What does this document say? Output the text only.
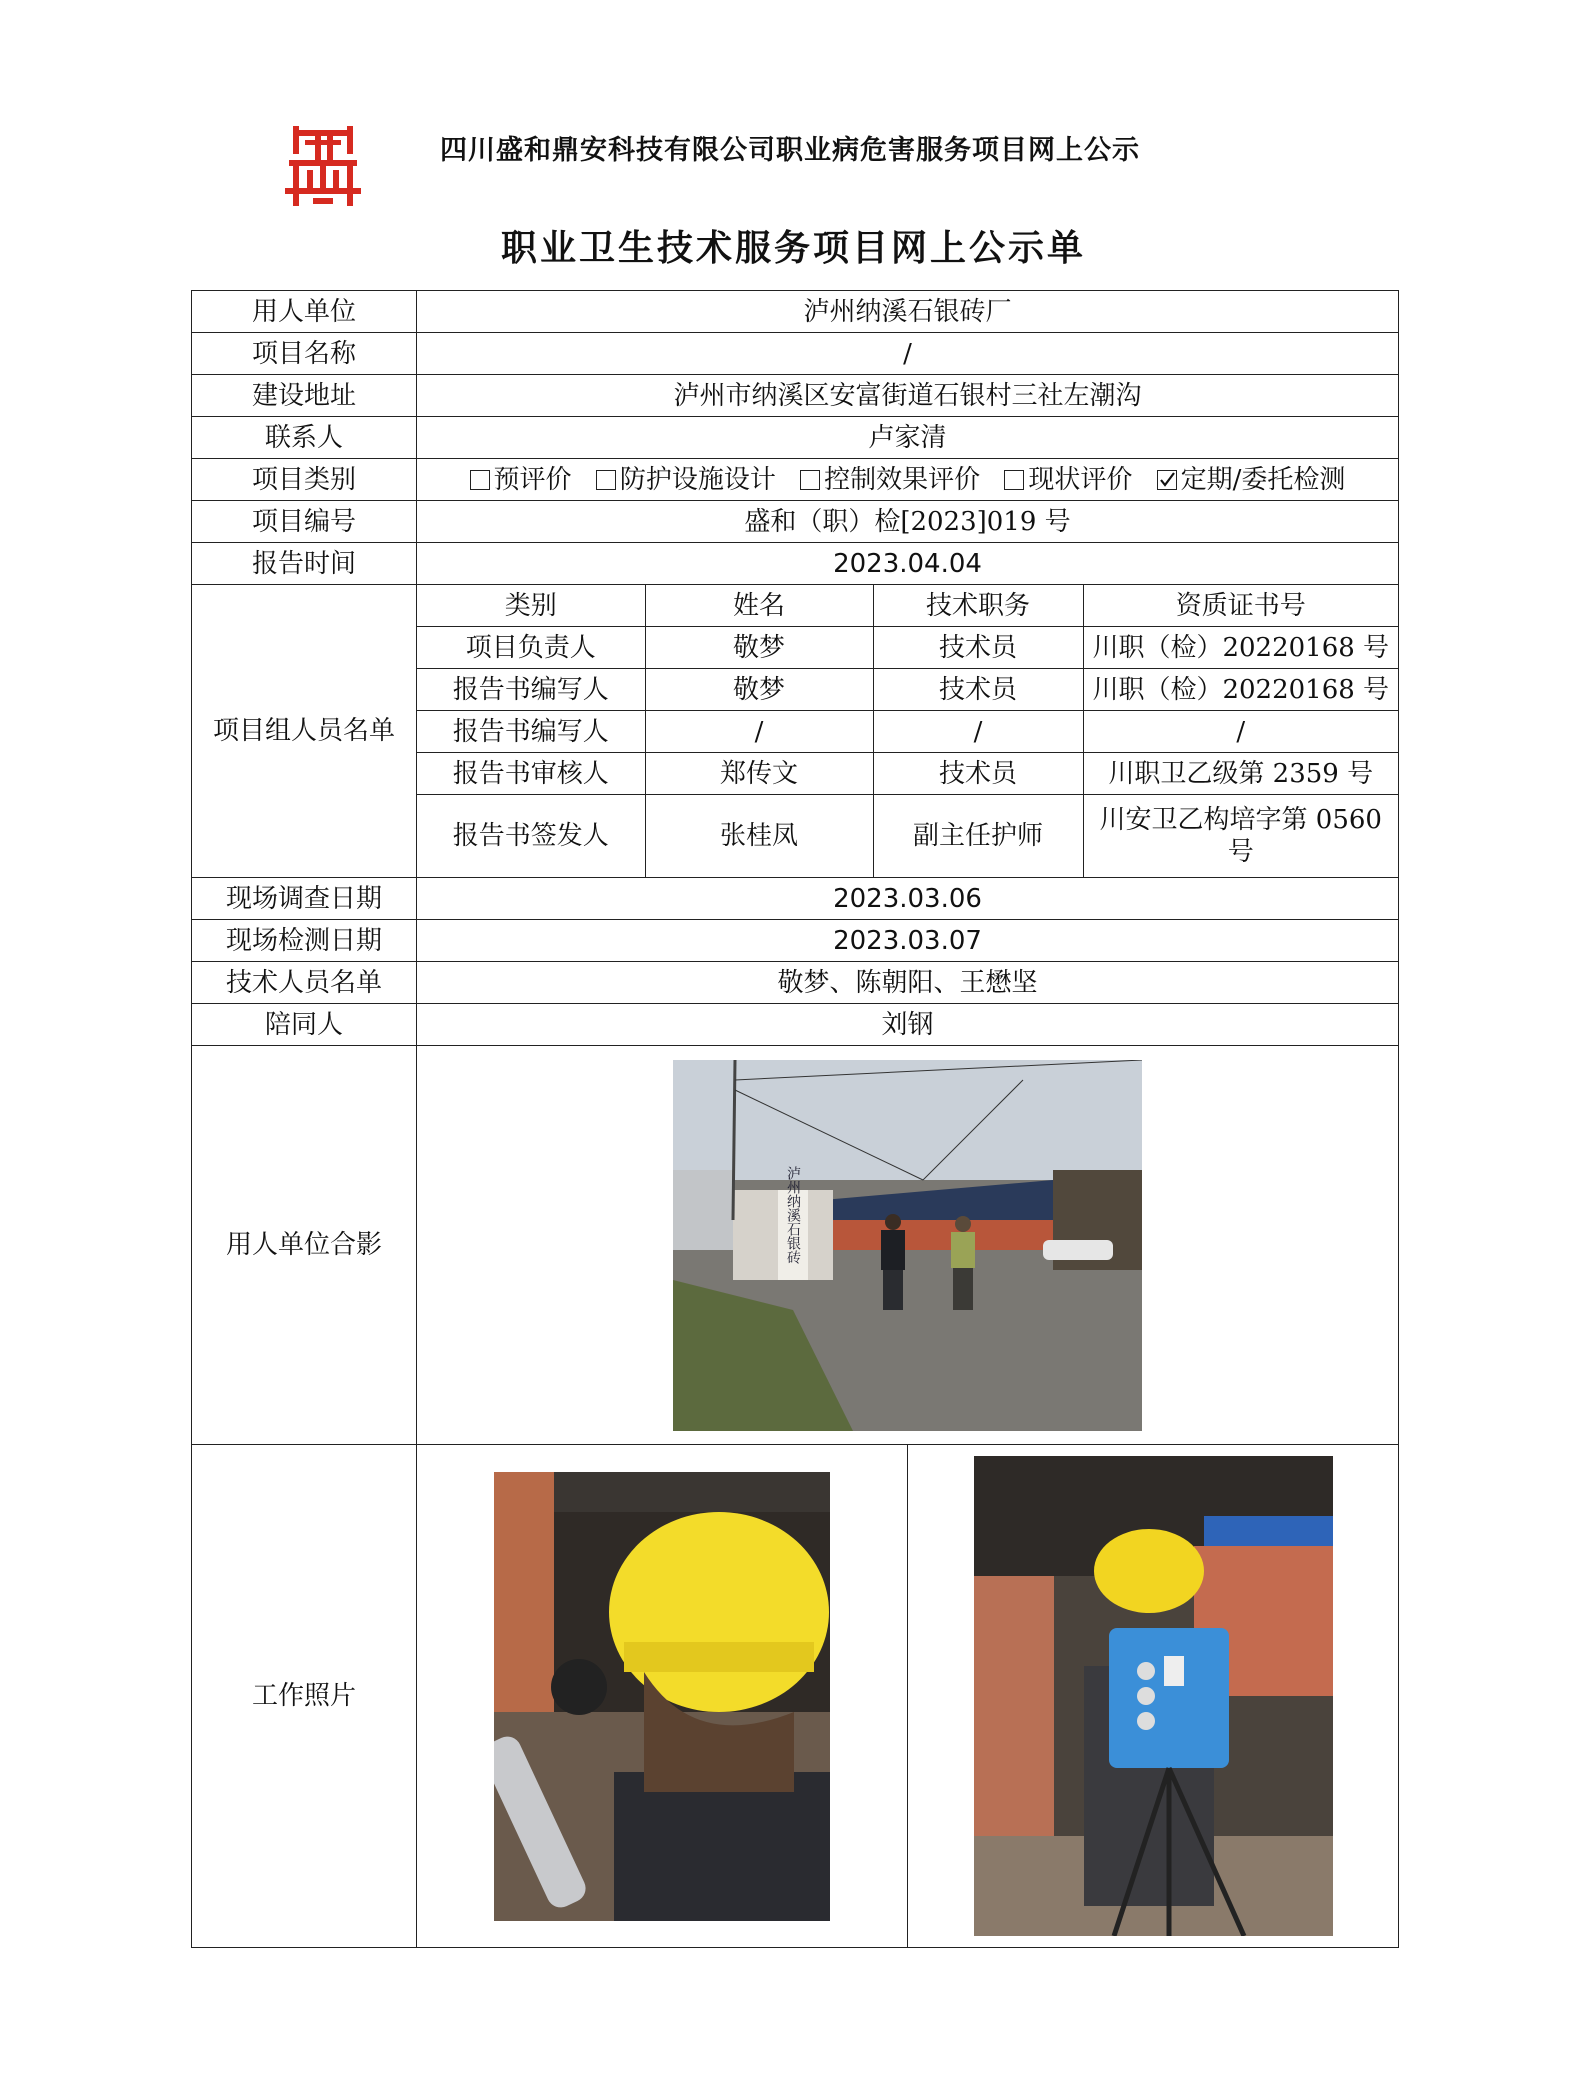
四川盛和鼎安科技有限公司职业病危害服务项目网上公示
职业卫生技术服务项目网上公示单
用人单位	泸州纳溪石银砖厂
项目名称	/
建设地址	泸州市纳溪区安富街道石银村三社左潮沟
联系人	卢家清
项目类别	预评价 防护设施设计 控制效果评价 现状评价 定期/委托检测
项目编号	盛和（职）检[2023]019 号
报告时间	2023.04.04
项目组人员名单	
类别	姓名	技术职务	资质证书号
项目负责人	敬梦	技术员	川职（检）20220168 号
报告书编写人	敬梦	技术员	川职（检）20220168 号
报告书编写人	/	/	/
报告书审核人	郑传文	技术员	川职卫乙级第 2359 号
报告书签发人	张桂凤	副主任护师	川安卫乙构培字第 0560 号

现场调查日期	2023.03.06
现场检测日期	2023.03.07
技术人员名单	敬梦、陈朝阳、王懋坚
陪同人	刘钢
用人单位合影	泸州纳溪石银砖

工作照片	
